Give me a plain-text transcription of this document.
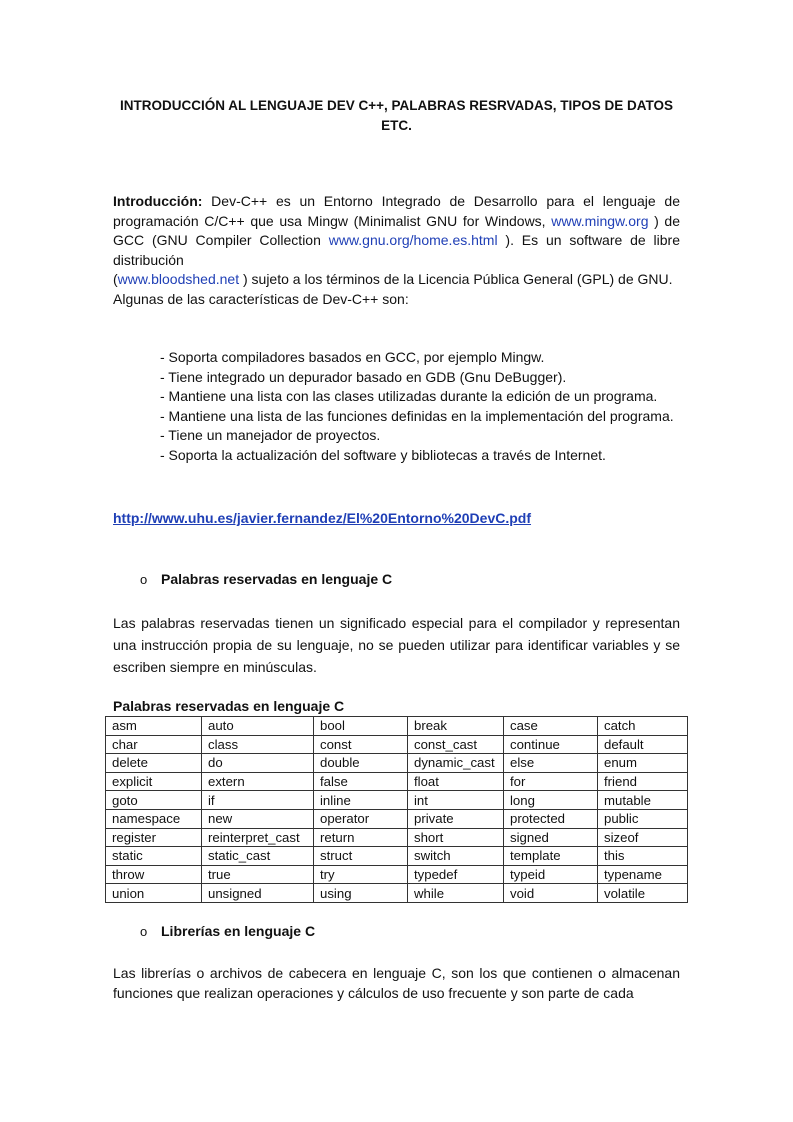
INTRODUCCIÓN AL LENGUAJE DEV C++, PALABRAS RESRVADAS, TIPOS DE DATOS ETC.

Introducción: Dev-C++ es un Entorno Integrado de Desarrollo para el lenguaje de programación C/C++ que usa Mingw (Minimalist GNU for Windows, www.mingw.org ) de GCC (GNU Compiler Collection www.gnu.org/home.es.html ). Es un software de libre distribución

(www.bloodshed.net ) sujeto a los términos de la Licencia Pública General (GPL) de GNU.

Algunas de las características de Dev-C++ son:

- Soporta compiladores basados en GCC, por ejemplo Mingw.
- Tiene integrado un depurador basado en GDB (Gnu DeBugger).
- Mantiene una lista con las clases utilizadas durante la edición de un programa.
- Mantiene una lista de las funciones definidas en la implementación del programa.
- Tiene un manejador de proyectos.
- Soporta la actualización del software y bibliotecas a través de Internet.
http://www.uhu.es/javier.fernandez/El%20Entorno%20DevC.pdf
o Palabras reservadas en lenguaje C

Las palabras reservadas tienen un significado especial para el compilador y representan una instrucción propia de su lenguaje, no se pueden utilizar para identificar variables y se escriben siempre en minúsculas.

Palabras reservadas en lenguaje C
asm	auto	bool	break	case	catch
char	class	const	const_cast	continue	default
delete	do	double	dynamic_cast	else	enum
explicit	extern	false	float	for	friend
goto	if	inline	int	long	mutable
namespace	new	operator	private	protected	public
register	reinterpret_cast	return	short	signed	sizeof
static	static_cast	struct	switch	template	this
throw	true	try	typedef	typeid	typename
union	unsigned	using	while	void	volatile
o Librerías en lenguaje C

Las librerías o archivos de cabecera en lenguaje C, son los que contienen o almacenan funciones que realizan operaciones y cálculos de uso frecuente y son parte de cada
